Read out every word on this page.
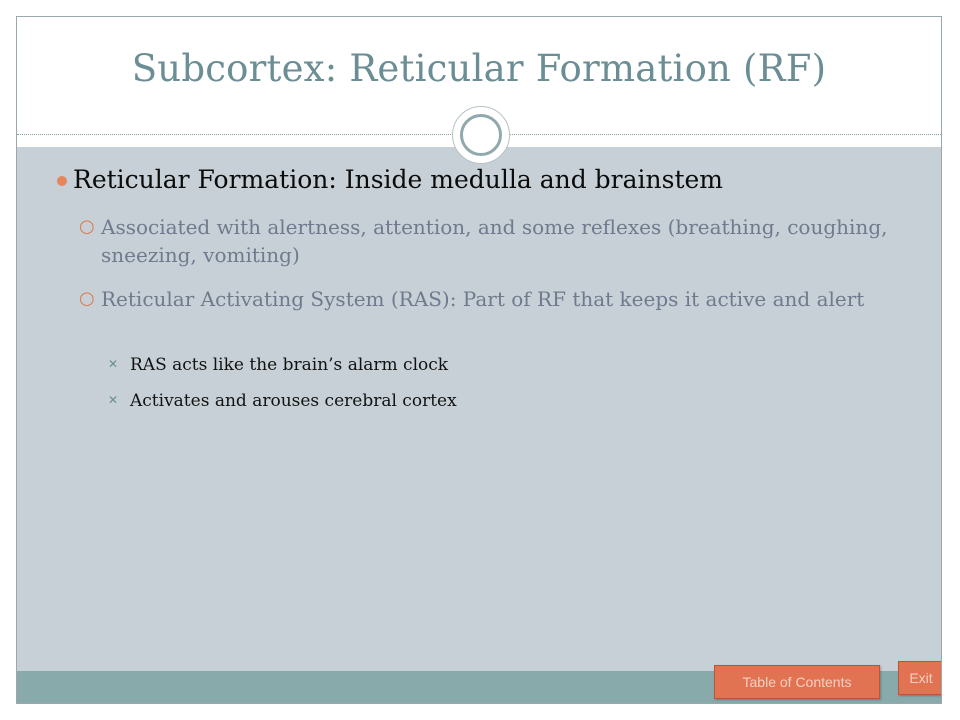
Subcortex: Reticular Formation (RF)
Reticular Formation: Inside medulla and brainstem
○ Associated with alertness, attention, and some reflexes (breathing, coughing, sneezing, vomiting)
○ Reticular Activating System (RAS): Part of RF that keeps it active and alert
✕ RAS acts like the brain’s alarm clock
✕ Activates and arouses cerebral cortex
Table of Contents	Exit
